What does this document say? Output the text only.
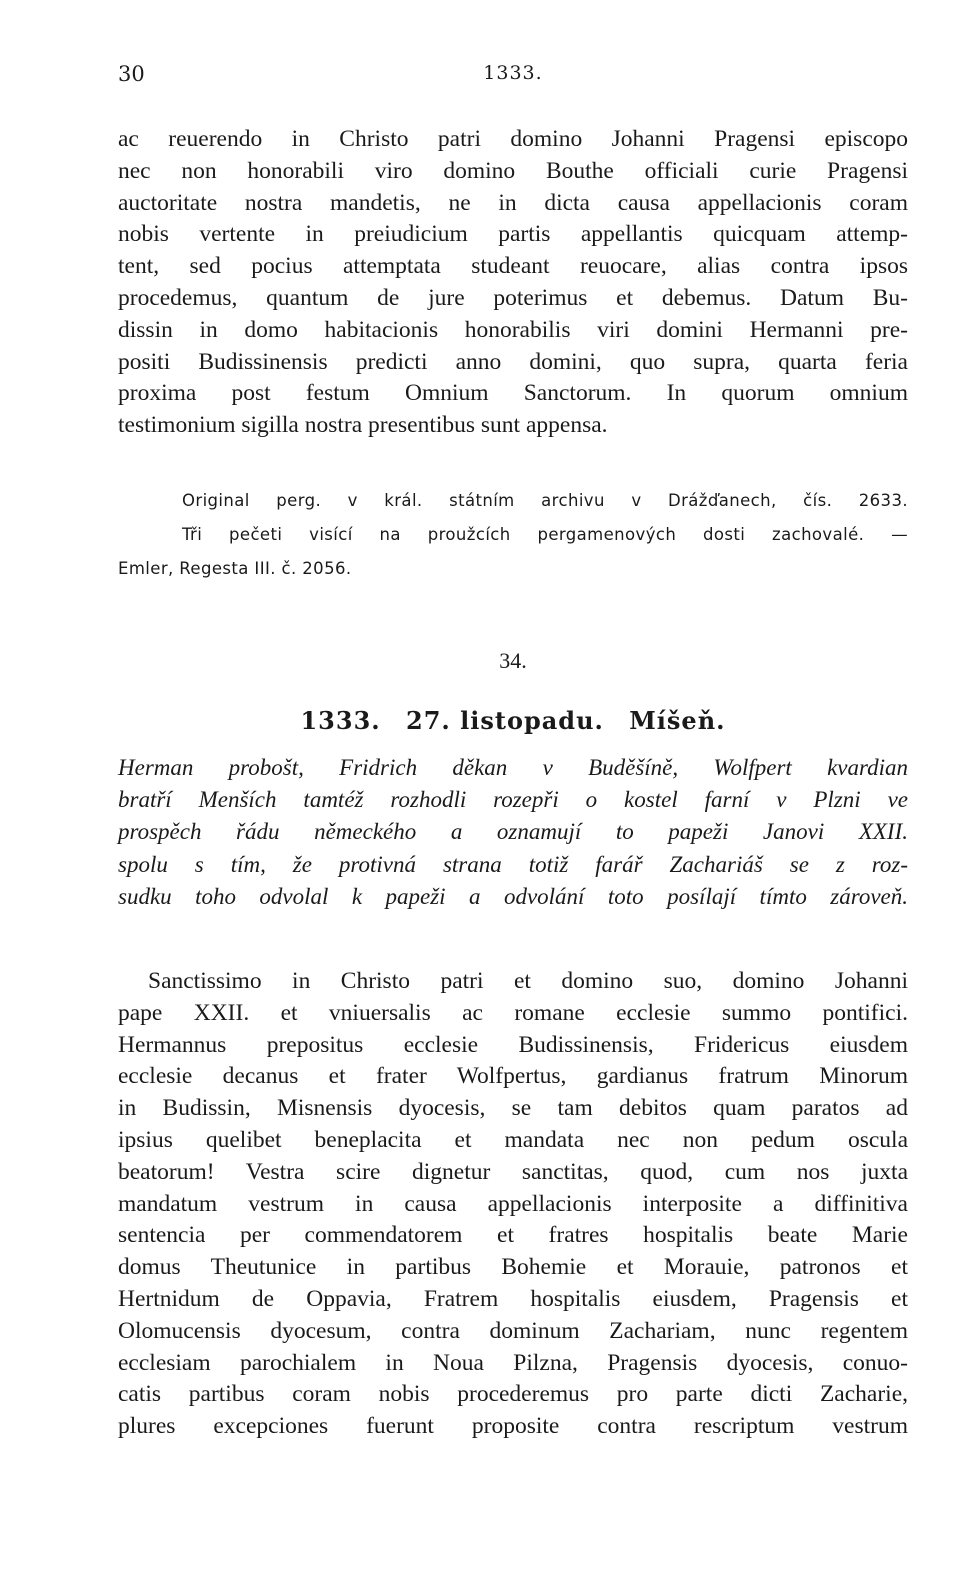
30	1333.
ac reuerendo in Christo patri domino Johanni Pragensi episcopo
nec non honorabili viro domino Bouthe officiali curie Pragensi
auctoritate nostra mandetis, ne in dicta causa appellacionis coram
nobis vertente in preiudicium partis appellantis quicquam attemp-
tent, sed pocius attemptata studeant reuocare, alias contra ipsos
procedemus, quantum de jure poterimus et debemus. Datum Bu-
dissin in domo habitacionis honorabilis viri domini Hermanni pre-
positi Budissinensis predicti anno domini, quo supra, quarta feria
proxima post festum Omnium Sanctorum. In quorum omnium
testimonium sigilla nostra presentibus sunt appensa.
Original perg. v král. státním archivu v Drážďanech, čís. 2633.
Tři pečeti visící na proužcích pergamenových dosti zachovalé. —
Emler, Regesta III. č. 2056.
34.
1333. 27. listopadu. Míšeň.
Herman probošt, Fridrich děkan v Buděšíně, Wolfpert kvardian
bratří Menších tamtéž rozhodli rozepři o kostel farní v Plzni ve
prospěch řádu německého a oznamují to papeži Janovi XXII.
spolu s tím, že protivná strana totiž farář Zachariáš se z roz-
sudku toho odvolal k papeži a odvolání toto posílají tímto zároveň.
Sanctissimo in Christo patri et domino suo, domino Johanni
pape XXII. et vniuersalis ac romane ecclesie summo pontifici.
Hermannus prepositus ecclesie Budissinensis, Fridericus eiusdem
ecclesie decanus et frater Wolfpertus, gardianus fratrum Minorum
in Budissin, Misnensis dyocesis, se tam debitos quam paratos ad
ipsius quelibet beneplacita et mandata nec non pedum oscula
beatorum! Vestra scire dignetur sanctitas, quod, cum nos juxta
mandatum vestrum in causa appellacionis interposite a diffinitiva
sentencia per commendatorem et fratres hospitalis beate Marie
domus Theutunice in partibus Bohemie et Morauie, patronos et
Hertnidum de Oppavia, Fratrem hospitalis eiusdem, Pragensis et
Olomucensis dyocesum, contra dominum Zachariam, nunc regentem
ecclesiam parochialem in Noua Pilzna, Pragensis dyocesis, conuo-
catis partibus coram nobis procederemus pro parte dicti Zacharie,
plures excepciones fuerunt proposite contra rescriptum vestrum
